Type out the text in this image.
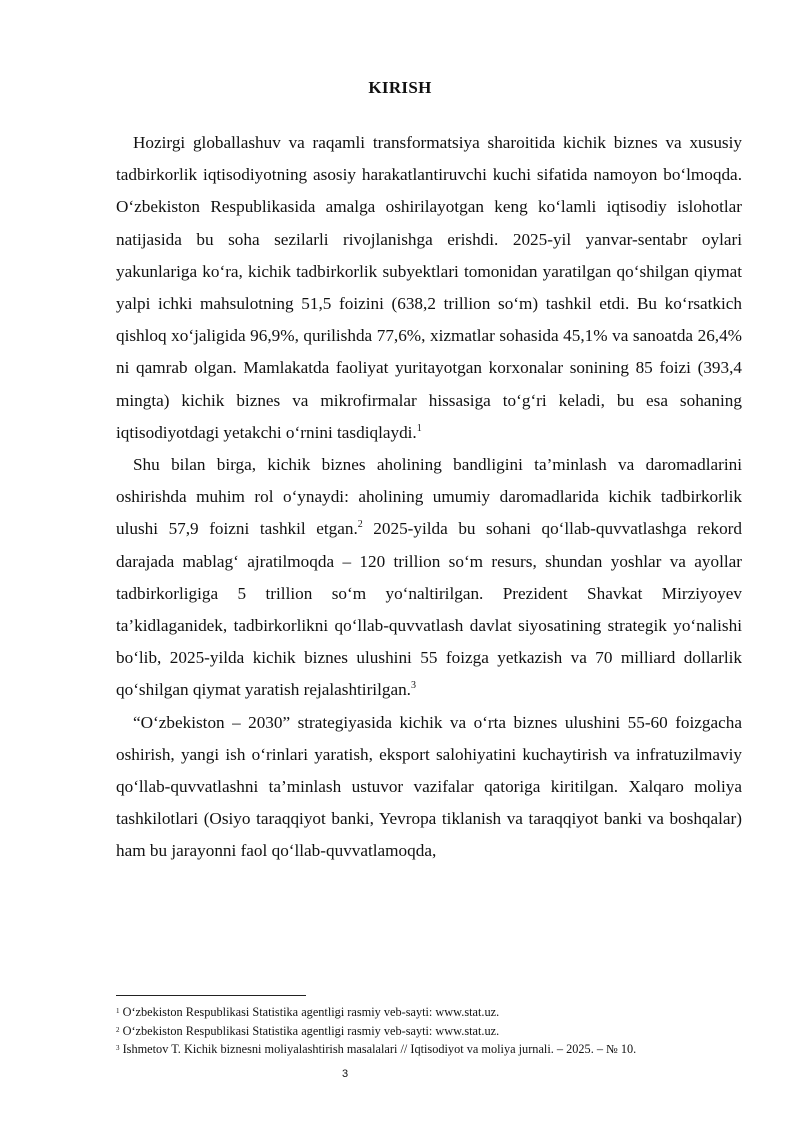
KIRISH

Hozirgi globallashuv va raqamli transformatsiya sharoitida kichik biznes va xususiy tadbirkorlik iqtisodiyotning asosiy harakatlantiruvchi kuchi sifatida namoyon bo‘lmoqda. O‘zbekiston Respublikasida amalga oshirilayotgan keng ko‘lamli iqtisodiy islohotlar natijasida bu soha sezilarli rivojlanishga erishdi. 2025-yil yanvar-sentabr oylari yakunlariga ko‘ra, kichik tadbirkorlik subyektlari tomonidan yaratilgan qo‘shilgan qiymat yalpi ichki mahsulotning 51,5 foizini (638,2 trillion so‘m) tashkil etdi. Bu ko‘rsatkich qishloq xo‘jaligida 96,9%, qurilishda 77,6%, xizmatlar sohasida 45,1% va sanoatda 26,4% ni qamrab olgan. Mamlakatda faoliyat yuritayotgan korxonalar sonining 85 foizi (393,4 mingta) kichik biznes va mikrofirmalar hissasiga to‘g‘ri keladi, bu esa sohaning iqtisodiyotdagi yetakchi o‘rnini tasdiqlaydi.$^1$

Shu bilan birga, kichik biznes aholining bandligini ta’minlash va daromadlarini oshirishda muhim rol o‘ynaydi: aholining umumiy daromadlarida kichik tadbirkorlik ulushi 57,9 foizni tashkil etgan.$^2$ 2025-yilda bu sohani qo‘llab-quvvatlashga rekord darajada mablag‘ ajratilmoqda – 120 trillion so‘m resurs, shundan yoshlar va ayollar tadbirkorligiga 5 trillion so‘m yo‘naltirilgan. Prezident Shavkat Mirziyoyev ta’kidlaganidek, tadbirkorlikni qo‘llab-quvvatlash davlat siyosatining strategik yo‘nalishi bo‘lib, 2025-yilda kichik biznes ulushini 55 foizga yetkazish va 70 milliard dollarlik qo‘shilgan qiymat yaratish rejalashtirilgan.$^3$

“O‘zbekiston – 2030” strategiyasida kichik va o‘rta biznes ulushini 55-60 foizgacha oshirish, yangi ish o‘rinlari yaratish, eksport salohiyatini kuchaytirish va infratuzilmaviy qo‘llab-quvvatlashni ta’minlash ustuvor vazifalar qatoriga kiritilgan. Xalqaro moliya tashkilotlari (Osiyo taraqqiyot banki, Yevropa tiklanish va taraqqiyot banki va boshqalar) ham bu jarayonni faol qo‘llab-quvvatlamoqda,

$^1$ O‘zbekiston Respublikasi Statistika agentligi rasmiy veb-sayti: www.stat.uz.
$^2$ O‘zbekiston Respublikasi Statistika agentligi rasmiy veb-sayti: www.stat.uz.
$^3$ Ishmetov T. Kichik biznesni moliyalashtirish masalalari // Iqtisodiyot va moliya jurnali. – 2025. – № 10.
3
